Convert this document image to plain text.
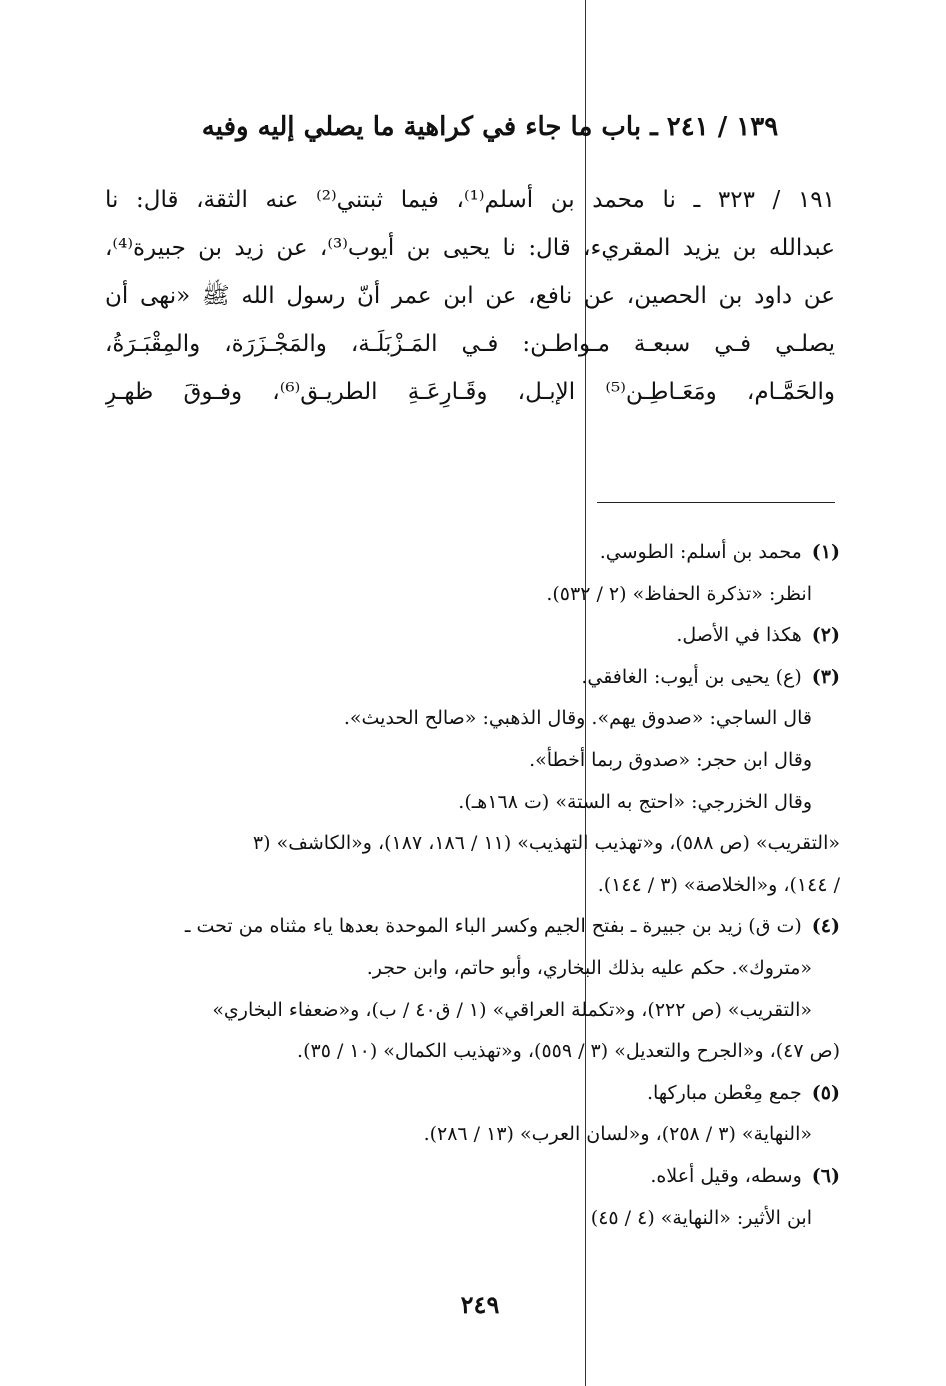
١٣٩ / ٢٤١ ـ باب ما جاء في كراهية ما يصلي إليه وفيه
١٩١ / ٣٢٣ ـ نا محمد بن أسلم⁽¹⁾، فيما ثبتني⁽²⁾ عنه الثقة، قال: نا
عبدالله بن يزيد المقريء، قال: نا يحيى بن أيوب⁽³⁾، عن زيد بن جبيرة⁽⁴⁾،
عن داود بن الحصين، عن نافع، عن ابن عمر أنّ رسول الله ﷺ «نهى أن
يصلـي فـي سبعـة مـواطـن: فـي المَـزْبَلَـة، والمَجْـزَرَة، والمِقْبَـرَةُ،
والحَمَّـام، ومَعَـاطِـن⁽⁵⁾ الإبـل، وقَـارِعَـةِ الطريـق⁽⁶⁾، وفـوقَ ظهـرِ
(١)محمد بن أسلم: الطوسي.
انظر: «تذكرة الحفاظ» (٢ / ٥٣٢).
(٢)هكذا في الأصل.
(٣)(ع) يحيى بن أيوب: الغافقي.
قال الساجي: «صدوق يهم». وقال الذهبي: «صالح الحديث».
وقال ابن حجر: «صدوق ربما أخطأ».
وقال الخزرجي: «احتج به الستة» (ت ١٦٨هـ).
«التقريب» (ص ٥٨٨)، و«تهذيب التهذيب» (١١ / ١٨٦، ١٨٧)، و«الكاشف» (٣
/ ١٤٤)، و«الخلاصة» (٣ / ١٤٤).
(٤)(ت ق) زيد بن جبيرة ـ بفتح الجيم وكسر الباء الموحدة بعدها ياء مثناه من تحت ـ
«متروك». حكم عليه بذلك البخاري، وأبو حاتم، وابن حجر.
«التقريب» (ص ٢٢٢)، و«تكملة العراقي» (١ / ق٤٠ / ب)، و«ضعفاء البخاري»
(ص ٤٧)، و«الجرح والتعديل» (٣ / ٥٥٩)، و«تهذيب الكمال» (١٠ / ٣٥).
(٥)جمع مِعْطن مباركها.
«النهاية» (٣ / ٢٥٨)، و«لسان العرب» (١٣ / ٢٨٦).
(٦)وسطه، وقيل أعلاه.
ابن الأثير: «النهاية» (٤ / ٤٥)
٢٤٩
